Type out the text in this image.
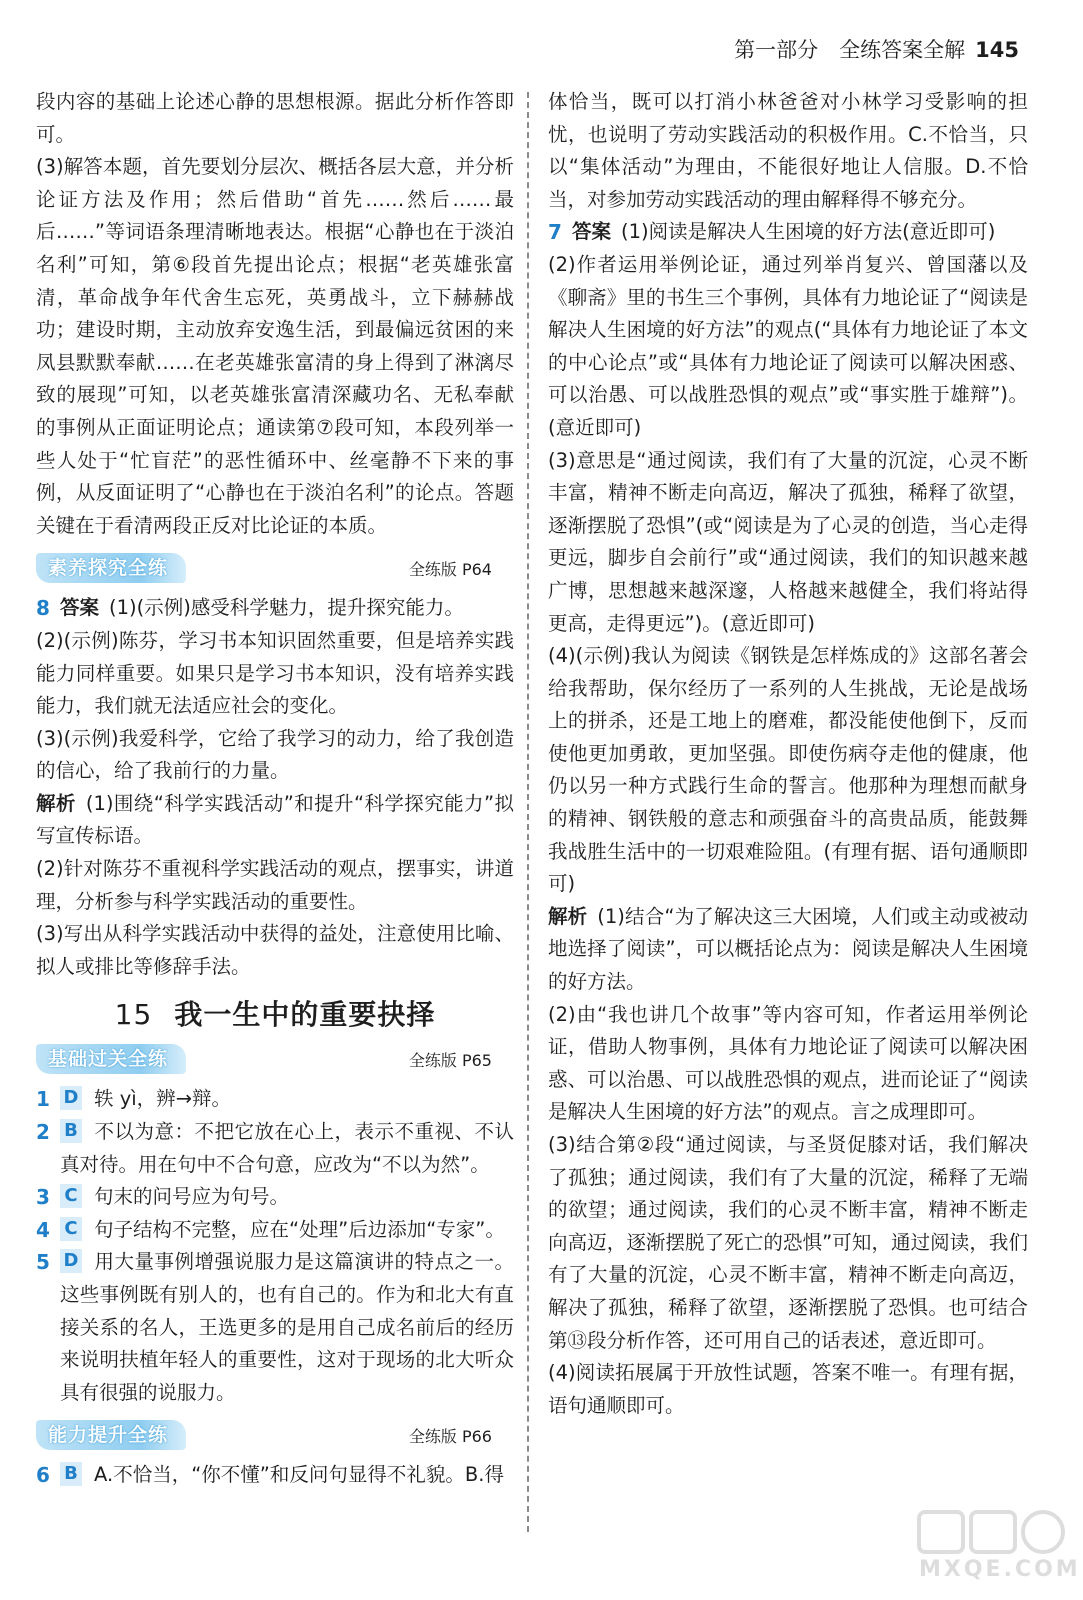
第一部分　全练答案全解 145

段内容的基础上论述心静的思想根源。据此分析作答即可。

(3)解答本题，首先要划分层次、概括各层大意，并分析论证方法及作用；然后借助“首先……然后……最后……”等词语条理清晰地表达。根据“心静也在于淡泊名利”可知，第⑥段首先提出论点；根据“老英雄张富清，革命战争年代舍生忘死，英勇战斗，立下赫赫战功；建设时期，主动放弃安逸生活，到最偏远贫困的来凤县默默奉献……在老英雄张富清的身上得到了淋漓尽致的展现”可知，以老英雄张富清深藏功名、无私奉献的事例从正面证明论点；通读第⑦段可知，本段列举一些人处于“忙盲茫”的恶性循环中、丝毫静不下来的事例，从反面证明了“心静也在于淡泊名利”的论点。答题关键在于看清两段正反对比论证的本质。

素养探究全练	全练版 P64
8 答案 (1)(示例)感受科学魅力，提升探究能力。

(2)(示例)陈芬，学习书本知识固然重要，但是培养实践能力同样重要。如果只是学习书本知识，没有培养实践能力，我们就无法适应社会的变化。

(3)(示例)我爱科学，它给了我学习的动力，给了我创造的信心，给了我前行的力量。

解析 (1)围绕“科学实践活动”和提升“科学探究能力”拟写宣传标语。

(2)针对陈芬不重视科学实践活动的观点，摆事实，讲道理，分析参与科学实践活动的重要性。

(3)写出从科学实践活动中获得的益处，注意使用比喻、拟人或排比等修辞手法。

15 我一生中的重要抉择
基础过关全练	全练版 P65
1 D 轶 yì，辨→辩。

2 B 不以为意：不把它放在心上，表示不重视、不认真对待。用在句中不合句意，应改为“不以为然”。

3 C 句末的问号应为句号。

4 C 句子结构不完整，应在“处理”后边添加“专家”。

5 D 用大量事例增强说服力是这篇演讲的特点之一。这些事例既有别人的，也有自己的。作为和北大有直接关系的名人，王选更多的是用自己成名前后的经历来说明扶植年轻人的重要性，这对于现场的北大听众具有很强的说服力。

能力提升全练	全练版 P66
6 B A.不恰当，“你不懂”和反问句显得不礼貌。B.得

体恰当，既可以打消小林爸爸对小林学习受影响的担忧，也说明了劳动实践活动的积极作用。C.不恰当，只以“集体活动”为理由，不能很好地让人信服。D.不恰当，对参加劳动实践活动的理由解释得不够充分。

7 答案 (1)阅读是解决人生困境的好方法(意近即可)

(2)作者运用举例论证，通过列举肖复兴、曾国藩以及《聊斋》里的书生三个事例，具体有力地论证了“阅读是解决人生困境的好方法”的观点(“具体有力地论证了本文的中心论点”或“具体有力地论证了阅读可以解决困惑、可以治愚、可以战胜恐惧的观点”或“事实胜于雄辩”)。(意近即可)

(3)意思是“通过阅读，我们有了大量的沉淀，心灵不断丰富，精神不断走向高迈，解决了孤独，稀释了欲望，逐渐摆脱了恐惧”(或“阅读是为了心灵的创造，当心走得更远，脚步自会前行”或“通过阅读，我们的知识越来越广博，思想越来越深邃，人格越来越健全，我们将站得更高，走得更远”)。(意近即可)

(4)(示例)我认为阅读《钢铁是怎样炼成的》这部名著会给我帮助，保尔经历了一系列的人生挑战，无论是战场上的拼杀，还是工地上的磨难，都没能使他倒下，反而使他更加勇敢，更加坚强。即使伤病夺走他的健康，他仍以另一种方式践行生命的誓言。他那种为理想而献身的精神、钢铁般的意志和顽强奋斗的高贵品质，能鼓舞我战胜生活中的一切艰难险阻。(有理有据、语句通顺即可)

解析 (1)结合“为了解决这三大困境，人们或主动或被动地选择了阅读”，可以概括论点为：阅读是解决人生困境的好方法。

(2)由“我也讲几个故事”等内容可知，作者运用举例论证，借助人物事例，具体有力地论证了阅读可以解决困惑、可以治愚、可以战胜恐惧的观点，进而论证了“阅读是解决人生困境的好方法”的观点。言之成理即可。

(3)结合第②段“通过阅读，与圣贤促膝对话，我们解决了孤独；通过阅读，我们有了大量的沉淀，稀释了无端的欲望；通过阅读，我们的心灵不断丰富，精神不断走向高迈，逐渐摆脱了死亡的恐惧”可知，通过阅读，我们有了大量的沉淀，心灵不断丰富，精神不断走向高迈，解决了孤独，稀释了欲望，逐渐摆脱了恐惧。也可结合第⑬段分析作答，还可用自己的话表述，意近即可。

(4)阅读拓展属于开放性试题，答案不唯一。有理有据，语句通顺即可。

MXQE.COM
